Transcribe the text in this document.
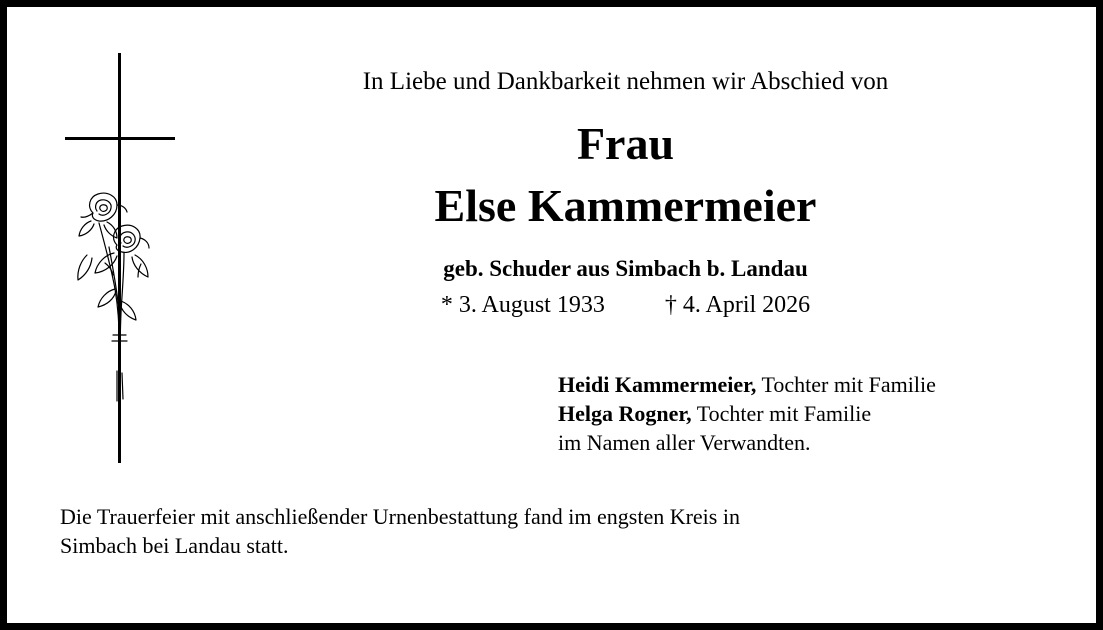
In Liebe und Dankbarkeit nehmen wir Abschied von
Frau
Else Kammermeier
geb. Schuder aus Simbach b. Landau
* 3. August 1933	† 4. April 2026
Heidi Kammermeier, Tochter mit Familie
Helga Rogner, Tochter mit Familie
im Namen aller Verwandten.
Die Trauerfeier mit anschließender Urnenbestattung fand im engsten Kreis in
Simbach bei Landau statt.
